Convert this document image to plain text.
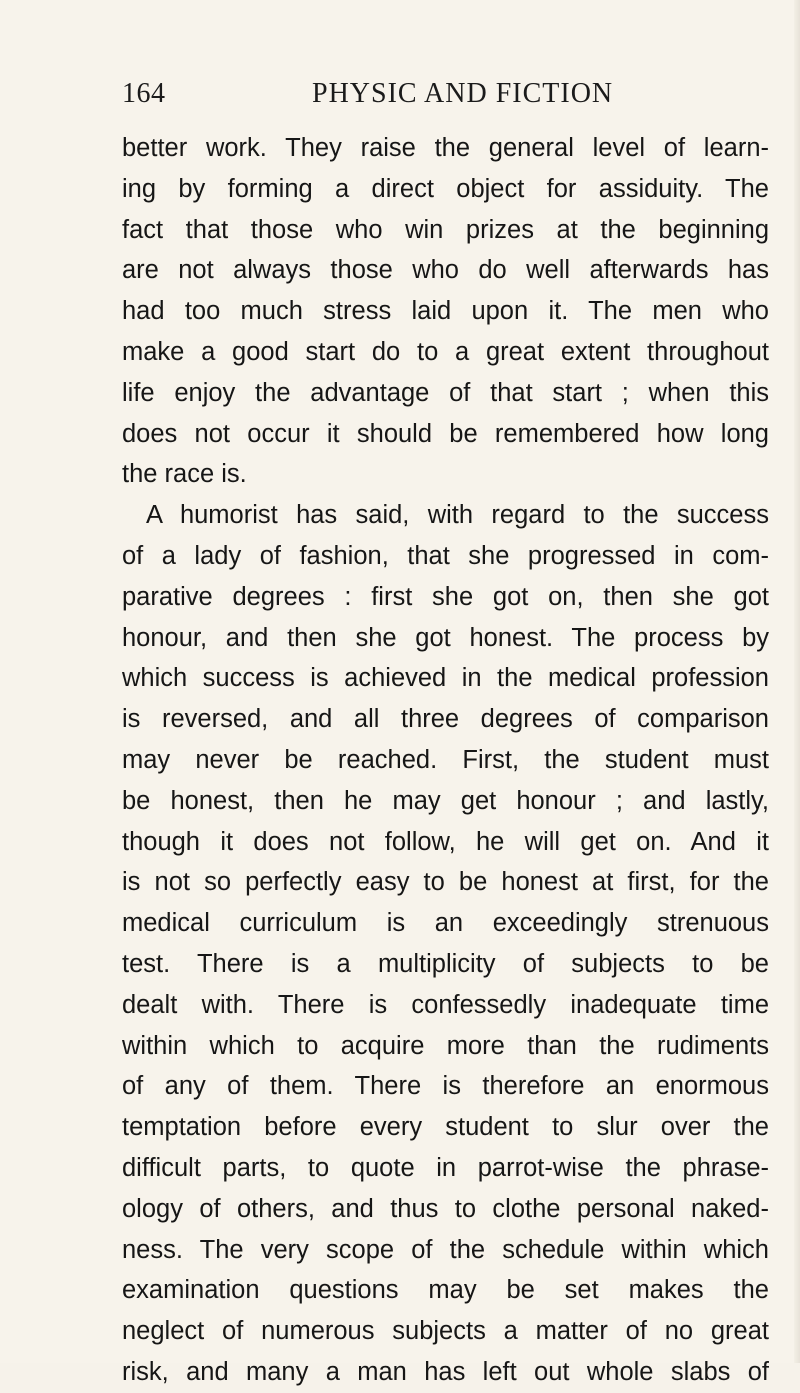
164	PHYSIC AND FICTION
better work. They raise the general level of learn-
ing by forming a direct object for assiduity. The
fact that those who win prizes at the beginning
are not always those who do well afterwards has
had too much stress laid upon it. The men who
make a good start do to a great extent throughout
life enjoy the advantage of that start ; when this
does not occur it should be remembered how long
the race is.
A humorist has said, with regard to the success
of a lady of fashion, that she progressed in com-
parative degrees : first she got on, then she got
honour, and then she got honest. The process by
which success is achieved in the medical profession
is reversed, and all three degrees of comparison
may never be reached. First, the student must
be honest, then he may get honour ; and lastly,
though it does not follow, he will get on. And it
is not so perfectly easy to be honest at first, for the
medical curriculum is an exceedingly strenuous
test. There is a multiplicity of subjects to be
dealt with. There is confessedly inadequate time
within which to acquire more than the rudiments
of any of them. There is therefore an enormous
temptation before every student to slur over the
difficult parts, to quote in parrot-wise the phrase-
ology of others, and thus to clothe personal naked-
ness. The very scope of the schedule within which
examination questions may be set makes the
neglect of numerous subjects a matter of no great
risk, and many a man has left out whole slabs of
